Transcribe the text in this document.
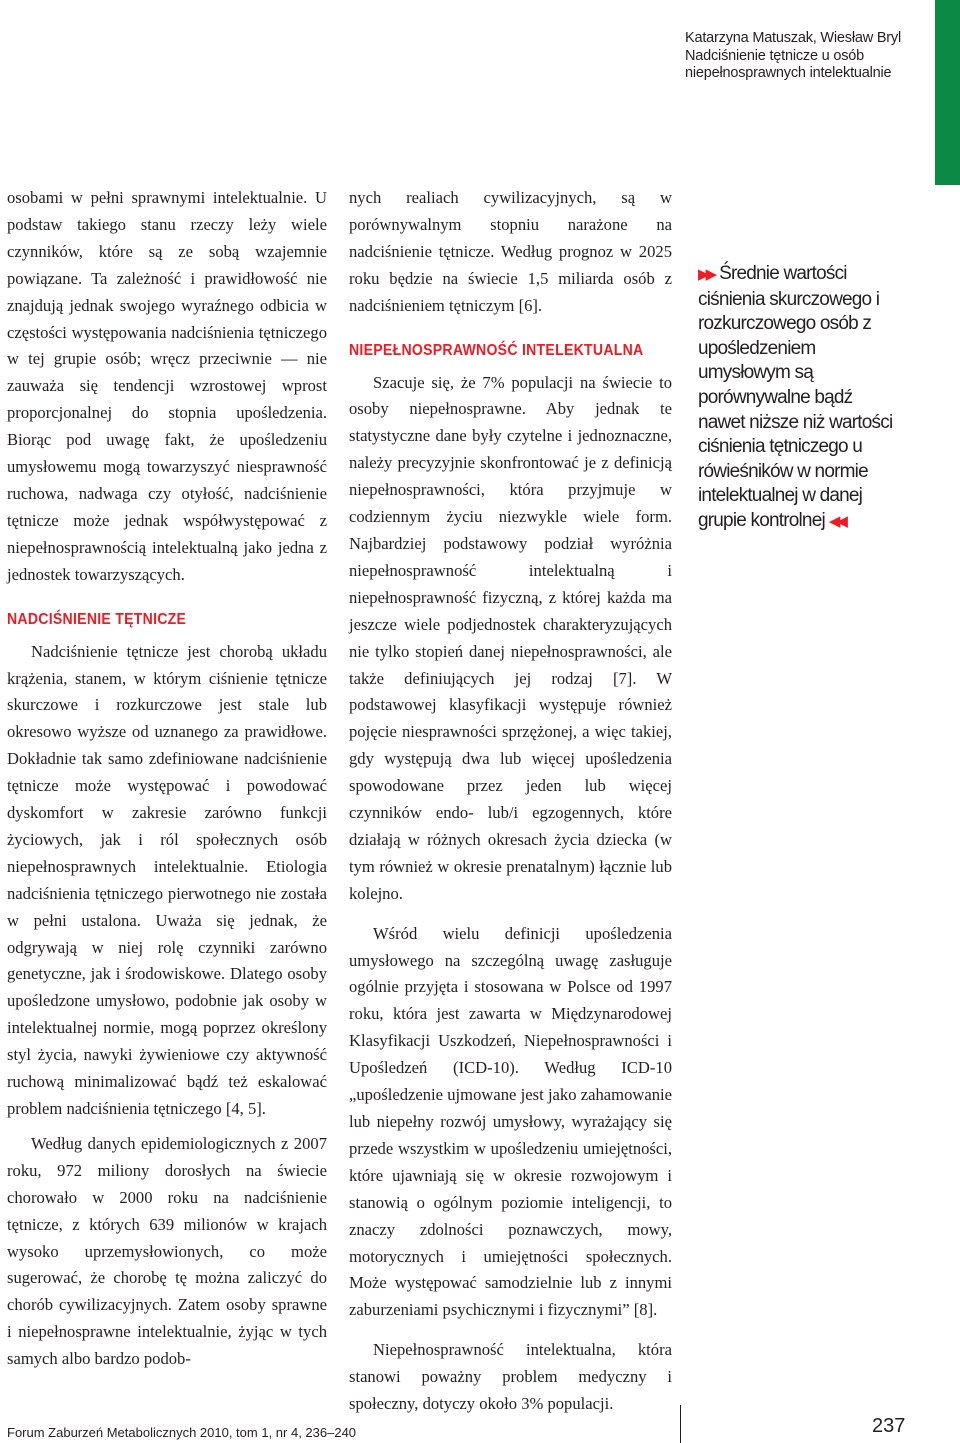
Katarzyna Matuszak, Wiesław Bryl
Nadciśnienie tętnicze u osób
niepełnosprawnych intelektualnie

osobami w pełni sprawnymi intelektualnie. U podstaw takiego stanu rzeczy leży wiele czynników, które są ze sobą wzajemnie powiązane. Ta zależność i prawidłowość nie znajdują jednak swojego wyraźnego odbicia w częstości występowania nadciśnienia tętniczego w tej grupie osób; wręcz przeciwnie — nie zauważa się tendencji wzrostowej wprost proporcjonalnej do stopnia upośledzenia. Biorąc pod uwagę fakt, że upośledzeniu umysłowemu mogą towarzyszyć niesprawność ruchowa, nadwaga czy otyłość, nadciśnienie tętnicze może jednak współwystępować z niepełnosprawnością intelektualną jako jedna z jednostek towarzyszących.

NADCIŚNIENIE TĘTNICZE

Nadciśnienie tętnicze jest chorobą układu krążenia, stanem, w którym ciśnienie tętnicze skurczowe i rozkurczowe jest stale lub okresowo wyższe od uznanego za prawidłowe. Dokładnie tak samo zdefiniowane nadciśnienie tętnicze może występować i powodować dyskomfort w zakresie zarówno funkcji życiowych, jak i ról społecznych osób niepełnosprawnych intelektualnie. Etiologia nadciśnienia tętniczego pierwotnego nie została w pełni ustalona. Uważa się jednak, że odgrywają w niej rolę czynniki zarówno genetyczne, jak i środowiskowe. Dlatego osoby upośledzone umysłowo, podobnie jak osoby w intelektualnej normie, mogą poprzez określony styl życia, nawyki żywieniowe czy aktywność ruchową minimalizować bądź też eskalować problem nadciśnienia tętniczego [4, 5].

Według danych epidemiologicznych z 2007 roku, 972 miliony dorosłych na świecie chorowało w 2000 roku na nadciśnienie tętnicze, z których 639 milionów w krajach wysoko uprzemysłowionych, co może sugerować, że chorobę tę można zaliczyć do chorób cywilizacyjnych. Zatem osoby sprawne i niepełnosprawne intelektualnie, żyjąc w tych samych albo bardzo podob-

nych realiach cywilizacyjnych, są w porównywalnym stopniu narażone na nadciśnienie tętnicze. Według prognoz w 2025 roku będzie na świecie 1,5 miliarda osób z nadciśnieniem tętniczym [6].

NIEPEŁNOSPRAWNOŚĆ INTELEKTUALNA

Szacuje się, że 7% populacji na świecie to osoby niepełnosprawne. Aby jednak te statystyczne dane były czytelne i jednoznaczne, należy precyzyjnie skonfrontować je z definicją niepełnosprawności, która przyjmuje w codziennym życiu niezwykle wiele form. Najbardziej podstawowy podział wyróżnia niepełnosprawność intelektualną i niepełnosprawność fizyczną, z której każda ma jeszcze wiele podjednostek charakteryzujących nie tylko stopień danej niepełnosprawności, ale także definiujących jej rodzaj [7]. W podstawowej klasyfikacji występuje również pojęcie niesprawności sprzężonej, a więc takiej, gdy występują dwa lub więcej upośledzenia spowodowane przez jeden lub więcej czynników endo- lub/i egzogennych, które działają w różnych okresach życia dziecka (w tym również w okresie prenatalnym) łącznie lub kolejno.

Wśród wielu definicji upośledzenia umysłowego na szczególną uwagę zasługuje ogólnie przyjęta i stosowana w Polsce od 1997 roku, która jest zawarta w Międzynarodowej Klasyfikacji Uszkodzeń, Niepełnosprawności i Upośledzeń (ICD-10). Według ICD-10 „upośledzenie ujmowane jest jako zahamowanie lub niepełny rozwój umysłowy, wyrażający się przede wszystkim w upośledzeniu umiejętności, które ujawniają się w okresie rozwojowym i stanowią o ogólnym poziomie inteligencji, to znaczy zdolności poznawczych, mowy, motorycznych i umiejętności społecznych. Może występować samodzielnie lub z innymi zaburzeniami psychicznymi i fizycznymi” [8].

Niepełnosprawność intelektualna, która stanowi poważny problem medyczny i społeczny, dotyczy około 3% populacji.

▶▶ Średnie wartości ciśnienia skurczowego i rozkurczowego osób z upośledzeniem umysłowym są porównywalne bądź nawet niższe niż wartości ciśnienia tętniczego u rówieśników w normie intelektualnej w danej grupie kontrolnej ◀◀
Forum Zaburzeń Metabolicznych 2010, tom 1, nr 4, 236–240	237
